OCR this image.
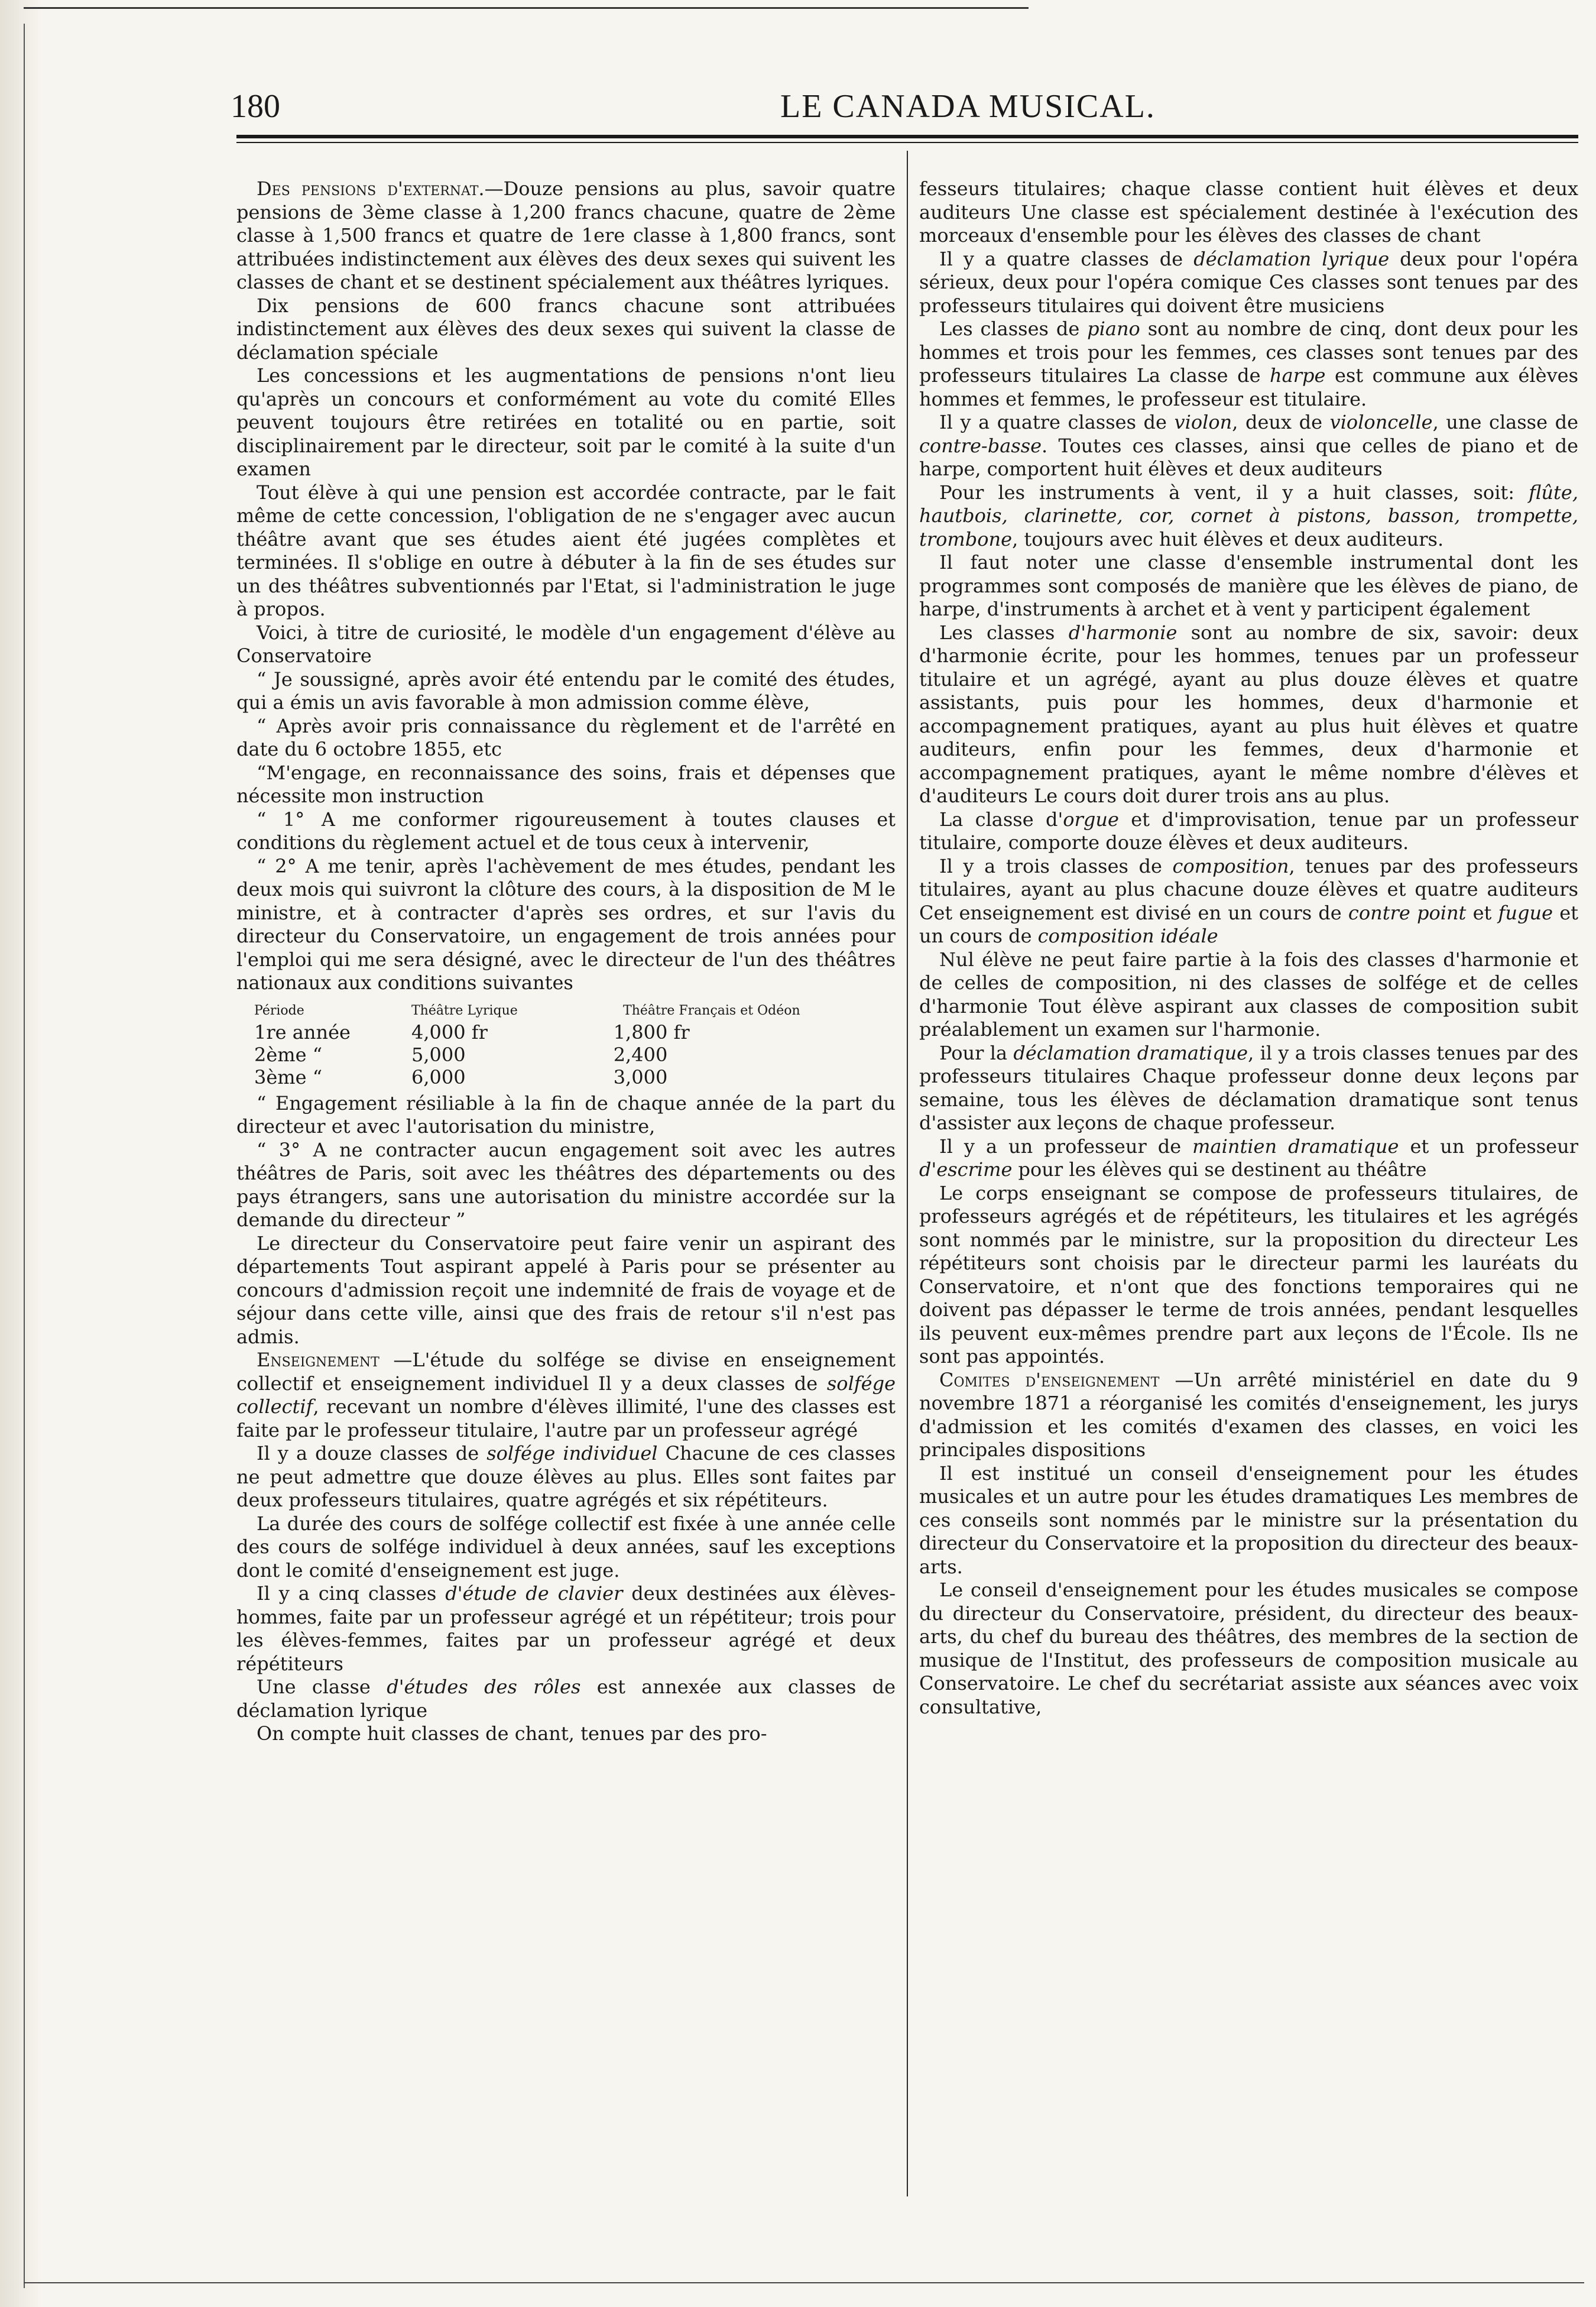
180	LE CANADA MUSICAL.

Des pensions d'externat.—Douze pensions au plus, savoir quatre pensions de 3ème classe à 1,200 francs chacune, quatre de 2ème classe à 1,500 francs et quatre de 1ere classe à 1,800 francs, sont attribuées indistinctement aux élèves des deux sexes qui suivent les classes de chant et se destinent spécialement aux théâtres lyriques.

Dix pensions de 600 francs chacune sont attribuées indistinctement aux élèves des deux sexes qui suivent la classe de déclamation spéciale

Les concessions et les augmentations de pensions n'ont lieu qu'après un concours et conformément au vote du comité Elles peuvent toujours être retirées en totalité ou en partie, soit disciplinairement par le directeur, soit par le comité à la suite d'un examen

Tout élève à qui une pension est accordée contracte, par le fait même de cette concession, l'obligation de ne s'engager avec aucun théâtre avant que ses études aient été jugées complètes et terminées. Il s'oblige en outre à débuter à la fin de ses études sur un des théâtres subventionnés par l'Etat, si l'administration le juge à propos.

Voici, à titre de curiosité, le modèle d'un engagement d'élève au Conservatoire

“ Je soussigné, après avoir été entendu par le comité des études, qui a émis un avis favorable à mon admission comme élève,

“ Après avoir pris connaissance du règlement et de l'arrêté en date du 6 octobre 1855, etc

“M'engage, en reconnaissance des soins, frais et dépenses que nécessite mon instruction

“ 1° A me conformer rigoureusement à toutes clauses et conditions du règlement actuel et de tous ceux à intervenir,

“ 2° A me tenir, après l'achèvement de mes études, pendant les deux mois qui suivront la clôture des cours, à la disposition de M le ministre, et à contracter d'après ses ordres, et sur l'avis du directeur du Conservatoire, un engagement de trois années pour l'emploi qui me sera désigné, avec le directeur de l'un des théâtres nationaux aux conditions suivantes

Période	Théâtre Lyrique	Théâtre Français et Odéon
1re année	4,000 fr	1,800 fr
2ème “	5,000	2,400
3ème “	6,000	3,000

“ Engagement résiliable à la fin de chaque année de la part du directeur et avec l'autorisation du ministre,

“ 3° A ne contracter aucun engagement soit avec les autres théâtres de Paris, soit avec les théâtres des départements ou des pays étrangers, sans une autorisation du ministre accordée sur la demande du directeur ”

Le directeur du Conservatoire peut faire venir un aspirant des départements Tout aspirant appelé à Paris pour se présenter au concours d'admission reçoit une indemnité de frais de voyage et de séjour dans cette ville, ainsi que des frais de retour s'il n'est pas admis.

Enseignement —L'étude du solfége se divise en enseignement collectif et enseignement individuel Il y a deux classes de solfége collectif, recevant un nombre d'élèves illimité, l'une des classes est faite par le professeur titulaire, l'autre par un professeur agrégé

Il y a douze classes de solfége individuel Chacune de ces classes ne peut admettre que douze élèves au plus. Elles sont faites par deux professeurs titulaires, quatre agrégés et six répétiteurs.

La durée des cours de solfége collectif est fixée à une année celle des cours de solfége individuel à deux années, sauf les exceptions dont le comité d'enseignement est juge.

Il y a cinq classes d'étude de clavier deux destinées aux élèves-hommes, faite par un professeur agrégé et un répétiteur; trois pour les élèves-femmes, faites par un professeur agrégé et deux répétiteurs

Une classe d'études des rôles est annexée aux classes de déclamation lyrique

On compte huit classes de chant, tenues par des pro-

fesseurs titulaires; chaque classe contient huit élèves et deux auditeurs Une classe est spécialement destinée à l'exécution des morceaux d'ensemble pour les élèves des classes de chant

Il y a quatre classes de déclamation lyrique deux pour l'opéra sérieux, deux pour l'opéra comique Ces classes sont tenues par des professeurs titulaires qui doivent être musiciens

Les classes de piano sont au nombre de cinq, dont deux pour les hommes et trois pour les femmes, ces classes sont tenues par des professeurs titulaires La classe de harpe est commune aux élèves hommes et femmes, le professeur est titulaire.

Il y a quatre classes de violon, deux de violoncelle, une classe de contre-basse. Toutes ces classes, ainsi que celles de piano et de harpe, comportent huit élèves et deux auditeurs

Pour les instruments à vent, il y a huit classes, soit: flûte, hautbois, clarinette, cor, cornet à pistons, basson, trompette, trombone, toujours avec huit élèves et deux auditeurs.

Il faut noter une classe d'ensemble instrumental dont les programmes sont composés de manière que les élèves de piano, de harpe, d'instruments à archet et à vent y participent également

Les classes d'harmonie sont au nombre de six, savoir: deux d'harmonie écrite, pour les hommes, tenues par un professeur titulaire et un agrégé, ayant au plus douze élèves et quatre assistants, puis pour les hommes, deux d'harmonie et accompagnement pratiques, ayant au plus huit élèves et quatre auditeurs, enfin pour les femmes, deux d'harmonie et accompagnement pratiques, ayant le même nombre d'élèves et d'auditeurs Le cours doit durer trois ans au plus.

La classe d'orgue et d'improvisation, tenue par un professeur titulaire, comporte douze élèves et deux auditeurs.

Il y a trois classes de composition, tenues par des professeurs titulaires, ayant au plus chacune douze élèves et quatre auditeurs Cet enseignement est divisé en un cours de contre point et fugue et un cours de composition idéale

Nul élève ne peut faire partie à la fois des classes d'harmonie et de celles de composition, ni des classes de solfége et de celles d'harmonie Tout élève aspirant aux classes de composition subit préalablement un examen sur l'harmonie.

Pour la déclamation dramatique, il y a trois classes tenues par des professeurs titulaires Chaque professeur donne deux leçons par semaine, tous les élèves de déclamation dramatique sont tenus d'assister aux leçons de chaque professeur.

Il y a un professeur de maintien dramatique et un professeur d'escrime pour les élèves qui se destinent au théâtre

Le corps enseignant se compose de professeurs titulaires, de professeurs agrégés et de répétiteurs, les titulaires et les agrégés sont nommés par le ministre, sur la proposition du directeur Les répétiteurs sont choisis par le directeur parmi les lauréats du Conservatoire, et n'ont que des fonctions temporaires qui ne doivent pas dépasser le terme de trois années, pendant lesquelles ils peuvent eux-mêmes prendre part aux leçons de l'École. Ils ne sont pas appointés.

Comites d'enseignement —Un arrêté ministériel en date du 9 novembre 1871 a réorganisé les comités d'enseignement, les jurys d'admission et les comités d'examen des classes, en voici les principales dispositions

Il est institué un conseil d'enseignement pour les études musicales et un autre pour les études dramatiques Les membres de ces conseils sont nommés par le ministre sur la présentation du directeur du Conservatoire et la proposition du directeur des beaux-arts.

Le conseil d'enseignement pour les études musicales se compose du directeur du Conservatoire, président, du directeur des beaux-arts, du chef du bureau des théâtres, des membres de la section de musique de l'Institut, des professeurs de composition musicale au Conservatoire. Le chef du secrétariat assiste aux séances avec voix consultative,
